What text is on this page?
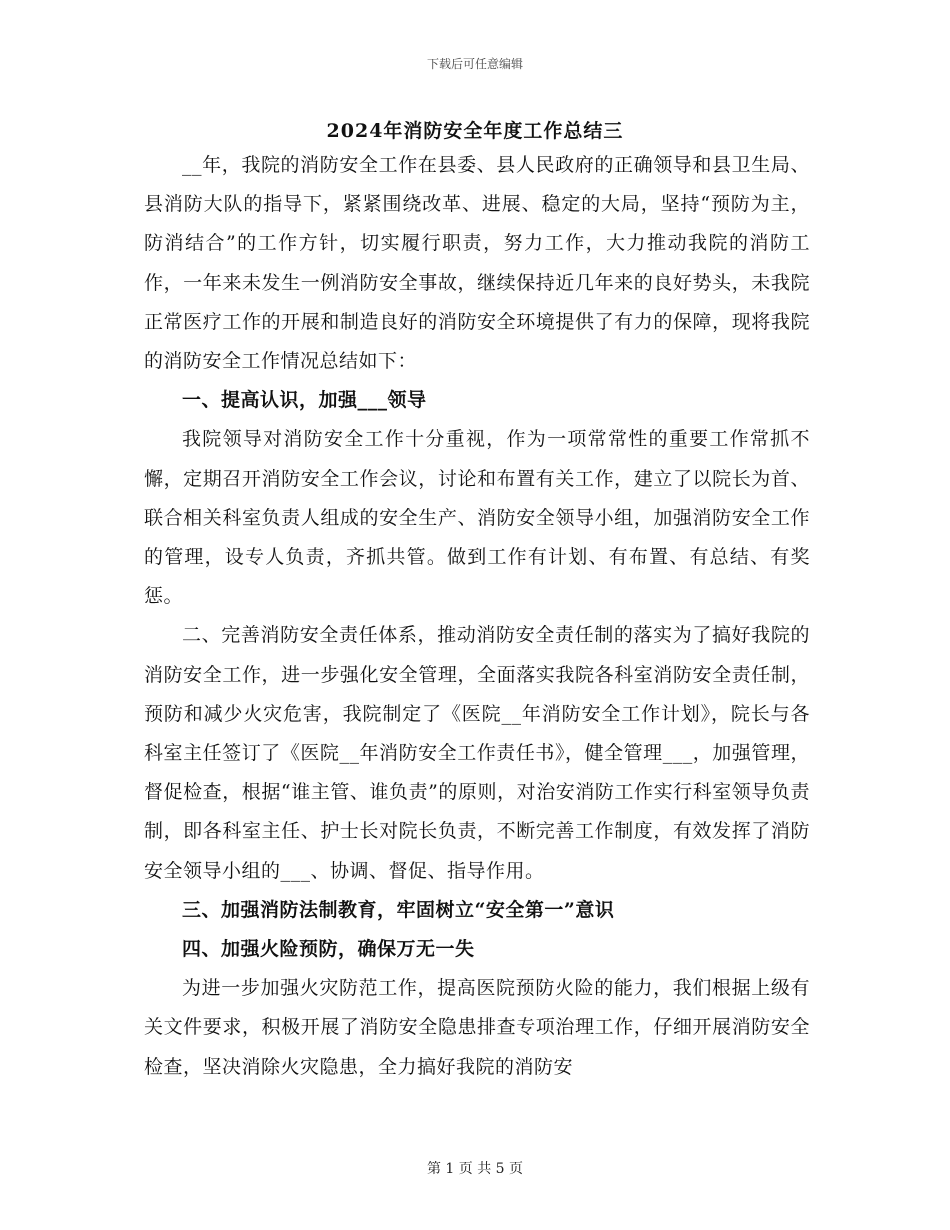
下载后可任意编辑
2024年消防安全年度工作总结三

__年，我院的消防安全工作在县委、县人民政府的正确领导和县卫生局、县消防大队的指导下，紧紧围绕改革、进展、稳定的大局，坚持“预防为主，防消结合”的工作方针，切实履行职责，努力工作，大力推动我院的消防工作，一年来未发生一例消防安全事故，继续保持近几年来的良好势头，未我院正常医疗工作的开展和制造良好的消防安全环境提供了有力的保障，现将我院的消防安全工作情况总结如下：

一、提高认识，加强___领导

我院领导对消防安全工作十分重视，作为一项常常性的重要工作常抓不懈，定期召开消防安全工作会议，讨论和布置有关工作，建立了以院长为首、联合相关科室负责人组成的安全生产、消防安全领导小组，加强消防安全工作的管理，设专人负责，齐抓共管。做到工作有计划、有布置、有总结、有奖惩。

二、完善消防安全责任体系，推动消防安全责任制的落实为了搞好我院的消防安全工作，进一步强化安全管理，全面落实我院各科室消防安全责任制，预防和减少火灾危害，我院制定了《医院__年消防安全工作计划》，院长与各科室主任签订了《医院__年消防安全工作责任书》，健全管理___，加强管理，督促检查，根据“谁主管、谁负责”的原则，对治安消防工作实行科室领导负责制，即各科室主任、护士长对院长负责，不断完善工作制度，有效发挥了消防安全领导小组的___、协调、督促、指导作用。

三、加强消防法制教育，牢固树立“安全第一”意识

四、加强火险预防，确保万无一失

为进一步加强火灾防范工作，提高医院预防火险的能力，我们根据上级有关文件要求，积极开展了消防安全隐患排查专项治理工作，仔细开展消防安全检查，坚决消除火灾隐患，全力搞好我院的消防安

第 1 页 共 5 页
